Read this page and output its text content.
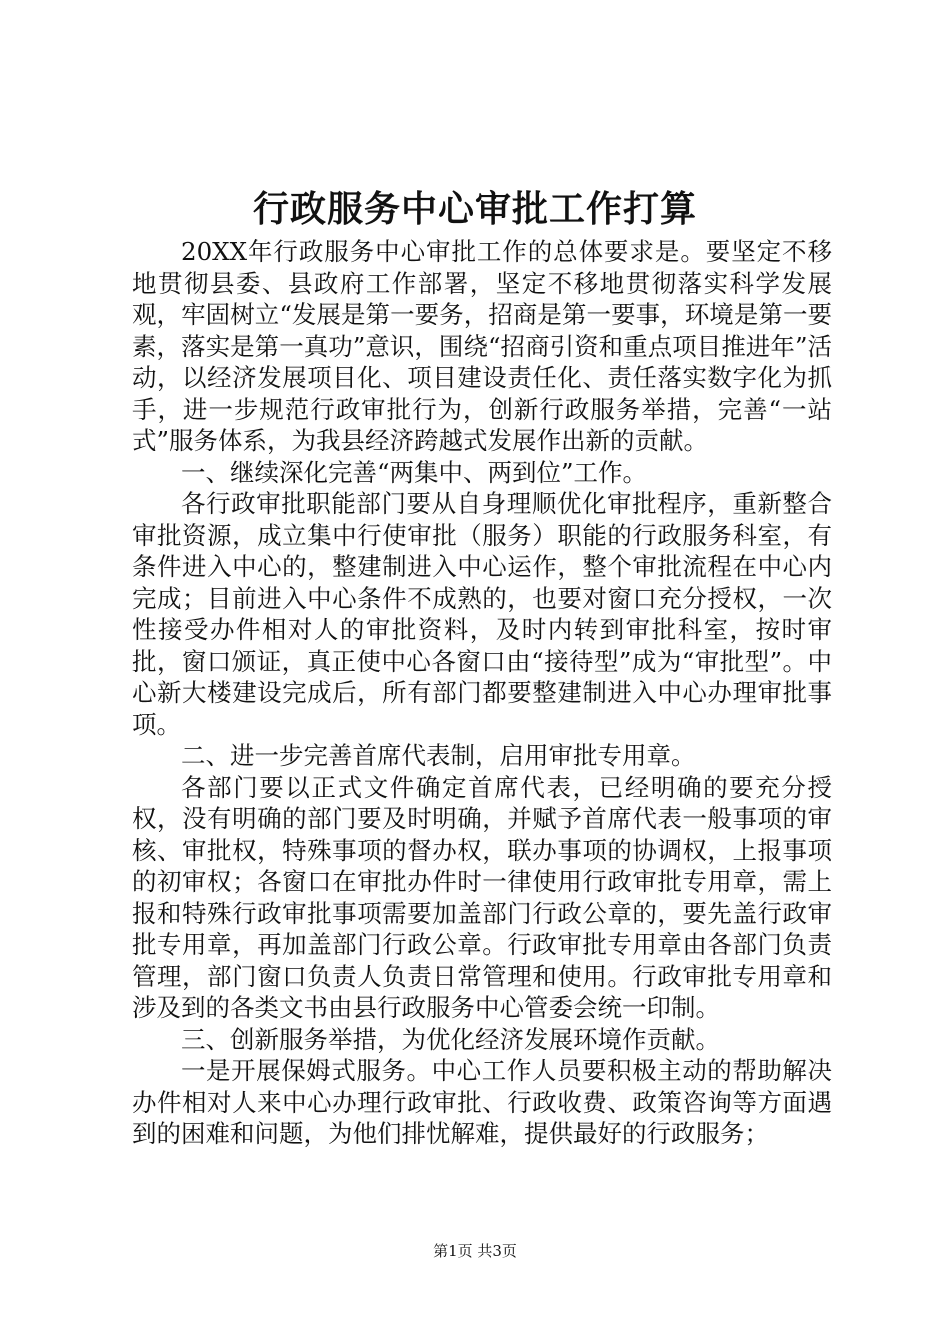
行政服务中心审批工作打算

20XX年行政服务中心审批工作的总体要求是。要坚定不移地贯彻县委、县政府工作部署，坚定不移地贯彻落实科学发展观，牢固树立“发展是第一要务，招商是第一要事，环境是第一要素，落实是第一真功”意识，围绕“招商引资和重点项目推进年”活动，以经济发展项目化、项目建设责任化、责任落实数字化为抓手，进一步规范行政审批行为，创新行政服务举措，完善“一站式”服务体系，为我县经济跨越式发展作出新的贡献。

一、继续深化完善“两集中、两到位”工作。

各行政审批职能部门要从自身理顺优化审批程序，重新整合审批资源，成立集中行使审批（服务）职能的行政服务科室，有条件进入中心的，整建制进入中心运作，整个审批流程在中心内完成；目前进入中心条件不成熟的，也要对窗口充分授权，一次性接受办件相对人的审批资料，及时内转到审批科室，按时审批，窗口颁证，真正使中心各窗口由“接待型”成为“审批型”。中心新大楼建设完成后，所有部门都要整建制进入中心办理审批事项。

二、进一步完善首席代表制，启用审批专用章。

各部门要以正式文件确定首席代表，已经明确的要充分授权，没有明确的部门要及时明确，并赋予首席代表一般事项的审核、审批权，特殊事项的督办权，联办事项的协调权，上报事项的初审权；各窗口在审批办件时一律使用行政审批专用章，需上报和特殊行政审批事项需要加盖部门行政公章的，要先盖行政审批专用章，再加盖部门行政公章。行政审批专用章由各部门负责管理，部门窗口负责人负责日常管理和使用。行政审批专用章和涉及到的各类文书由县行政服务中心管委会统一印制。

三、创新服务举措，为优化经济发展环境作贡献。

一是开展保姆式服务。中心工作人员要积极主动的帮助解决办件相对人来中心办理行政审批、行政收费、政策咨询等方面遇到的困难和问题，为他们排忧解难，提供最好的行政服务；

第1页 共3页
